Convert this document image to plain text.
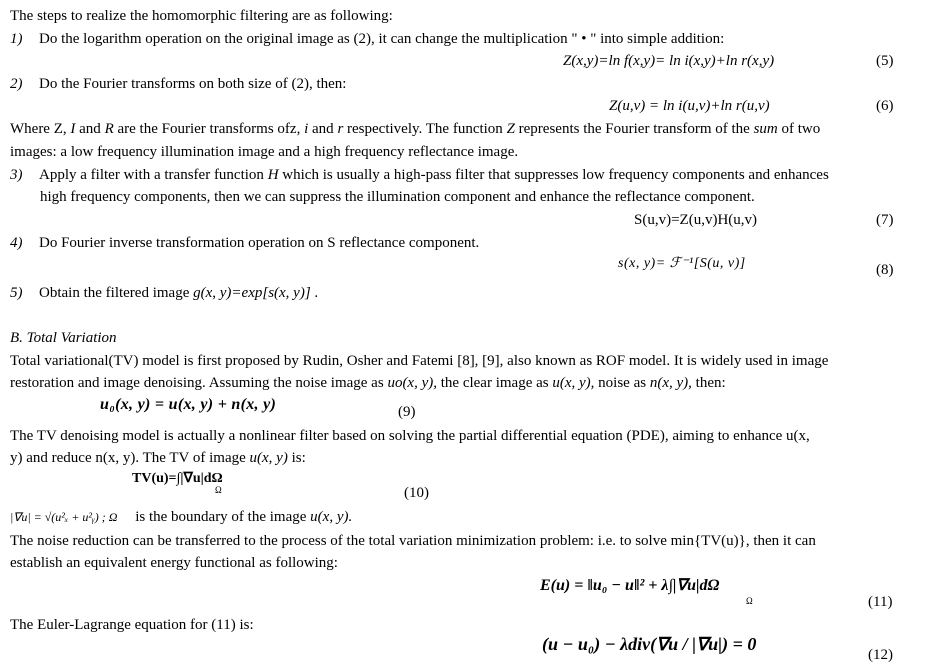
The steps to realize the homomorphic filtering are as following:
1) Do the logarithm operation on the original image as (2), it can change the multiplication " • " into simple addition:
Z(x,y)=ln f(x,y)= ln i(x,y)+ln r(x,y)	(5)
2) Do the Fourier transforms on both size of (2), then:
Z(u,v) = ln i(u,v)+ln r(u,v)	(6)
Where Z, I and R are the Fourier transforms ofz, i and r respectively. The function Z represents the Fourier transform of the sum of two
images: a low frequency illumination image and a high frequency reflectance image.
3) Apply a filter with a transfer function H which is usually a high-pass filter that suppresses low frequency components and enhances
high frequency components, then we can suppress the illumination component and enhance the reflectance component.
S(u,v)=Z(u,v)H(u,v)	(7)
4) Do Fourier inverse transformation operation on S reflectance component.
s(x, y)= ℱ⁻¹[S(u, v)]	(8)
5) Obtain the filtered image g(x, y)=exp[s(x, y)] .
B. Total Variation
Total variational(TV) model is first proposed by Rudin, Osher and Fatemi [8], [9], also known as ROF model. It is widely used in image
restoration and image denoising. Assuming the noise image as uo(x, y), the clear image as u(x, y), noise as n(x, y), then:
u₀(x, y) = u(x, y) + n(x, y)	(9)
The TV denoising model is actually a nonlinear filter based on solving the partial differential equation (PDE), aiming to enhance u(x,
y) and reduce n(x, y). The TV of image u(x, y) is:
TV(u)=∫|∇u|dΩ
Ω	(10)
|∇u| = √(u²ₓ + u²ᵧ) ; Ω is the boundary of the image u(x, y).
The noise reduction can be transferred to the process of the total variation minimization problem: i.e. to solve min{TV(u)}, then it can
establish an equivalent energy functional as following:
E(u) = ‖u₀ − u‖² + λ∫|∇u|dΩ
Ω	(11)
The Euler-Lagrange equation for (11) is:
(u − u₀) − λdiv(∇u / |∇u|) = 0
(12)
